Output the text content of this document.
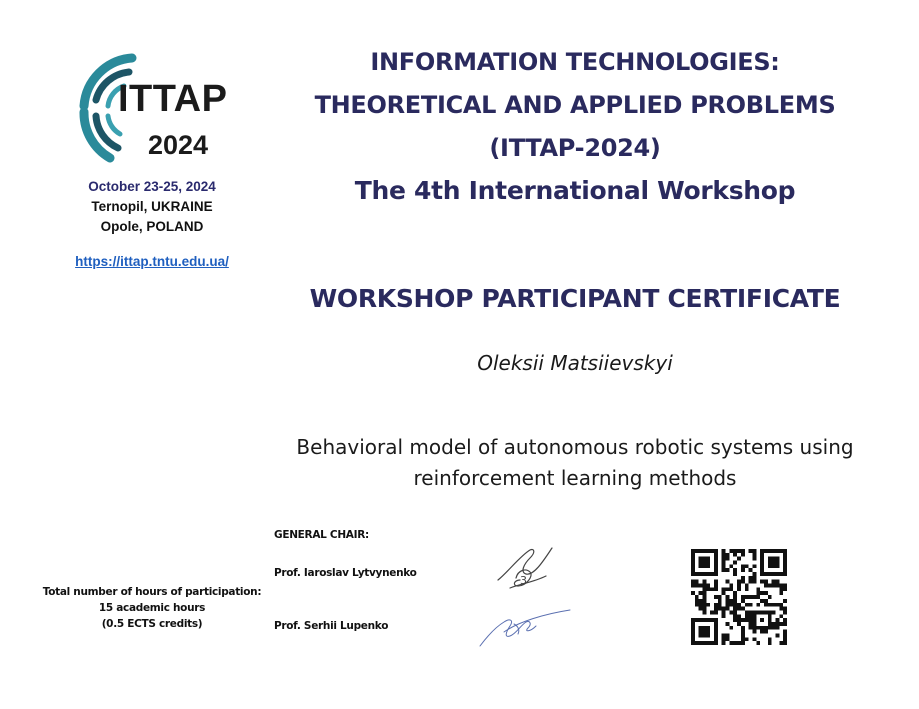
ITTAP
2024
October 23-25, 2024
Ternopil, UKRAINE
Opole, POLAND
https://ittap.tntu.edu.ua/
INFORMATION TECHNOLOGIES:
THEORETICAL AND APPLIED PROBLEMS
(ITTAP-2024)
The 4th International Workshop
WORKSHOP PARTICIPANT CERTIFICATE
Oleksii Matsiievskyi
Behavioral model of autonomous robotic systems using
reinforcement learning methods
GENERAL CHAIR:
Prof. Iaroslav Lytvynenko
Prof. Serhii Lupenko
Total number of hours of participation:
15 academic hours
(0.5 ECTS credits)
3
